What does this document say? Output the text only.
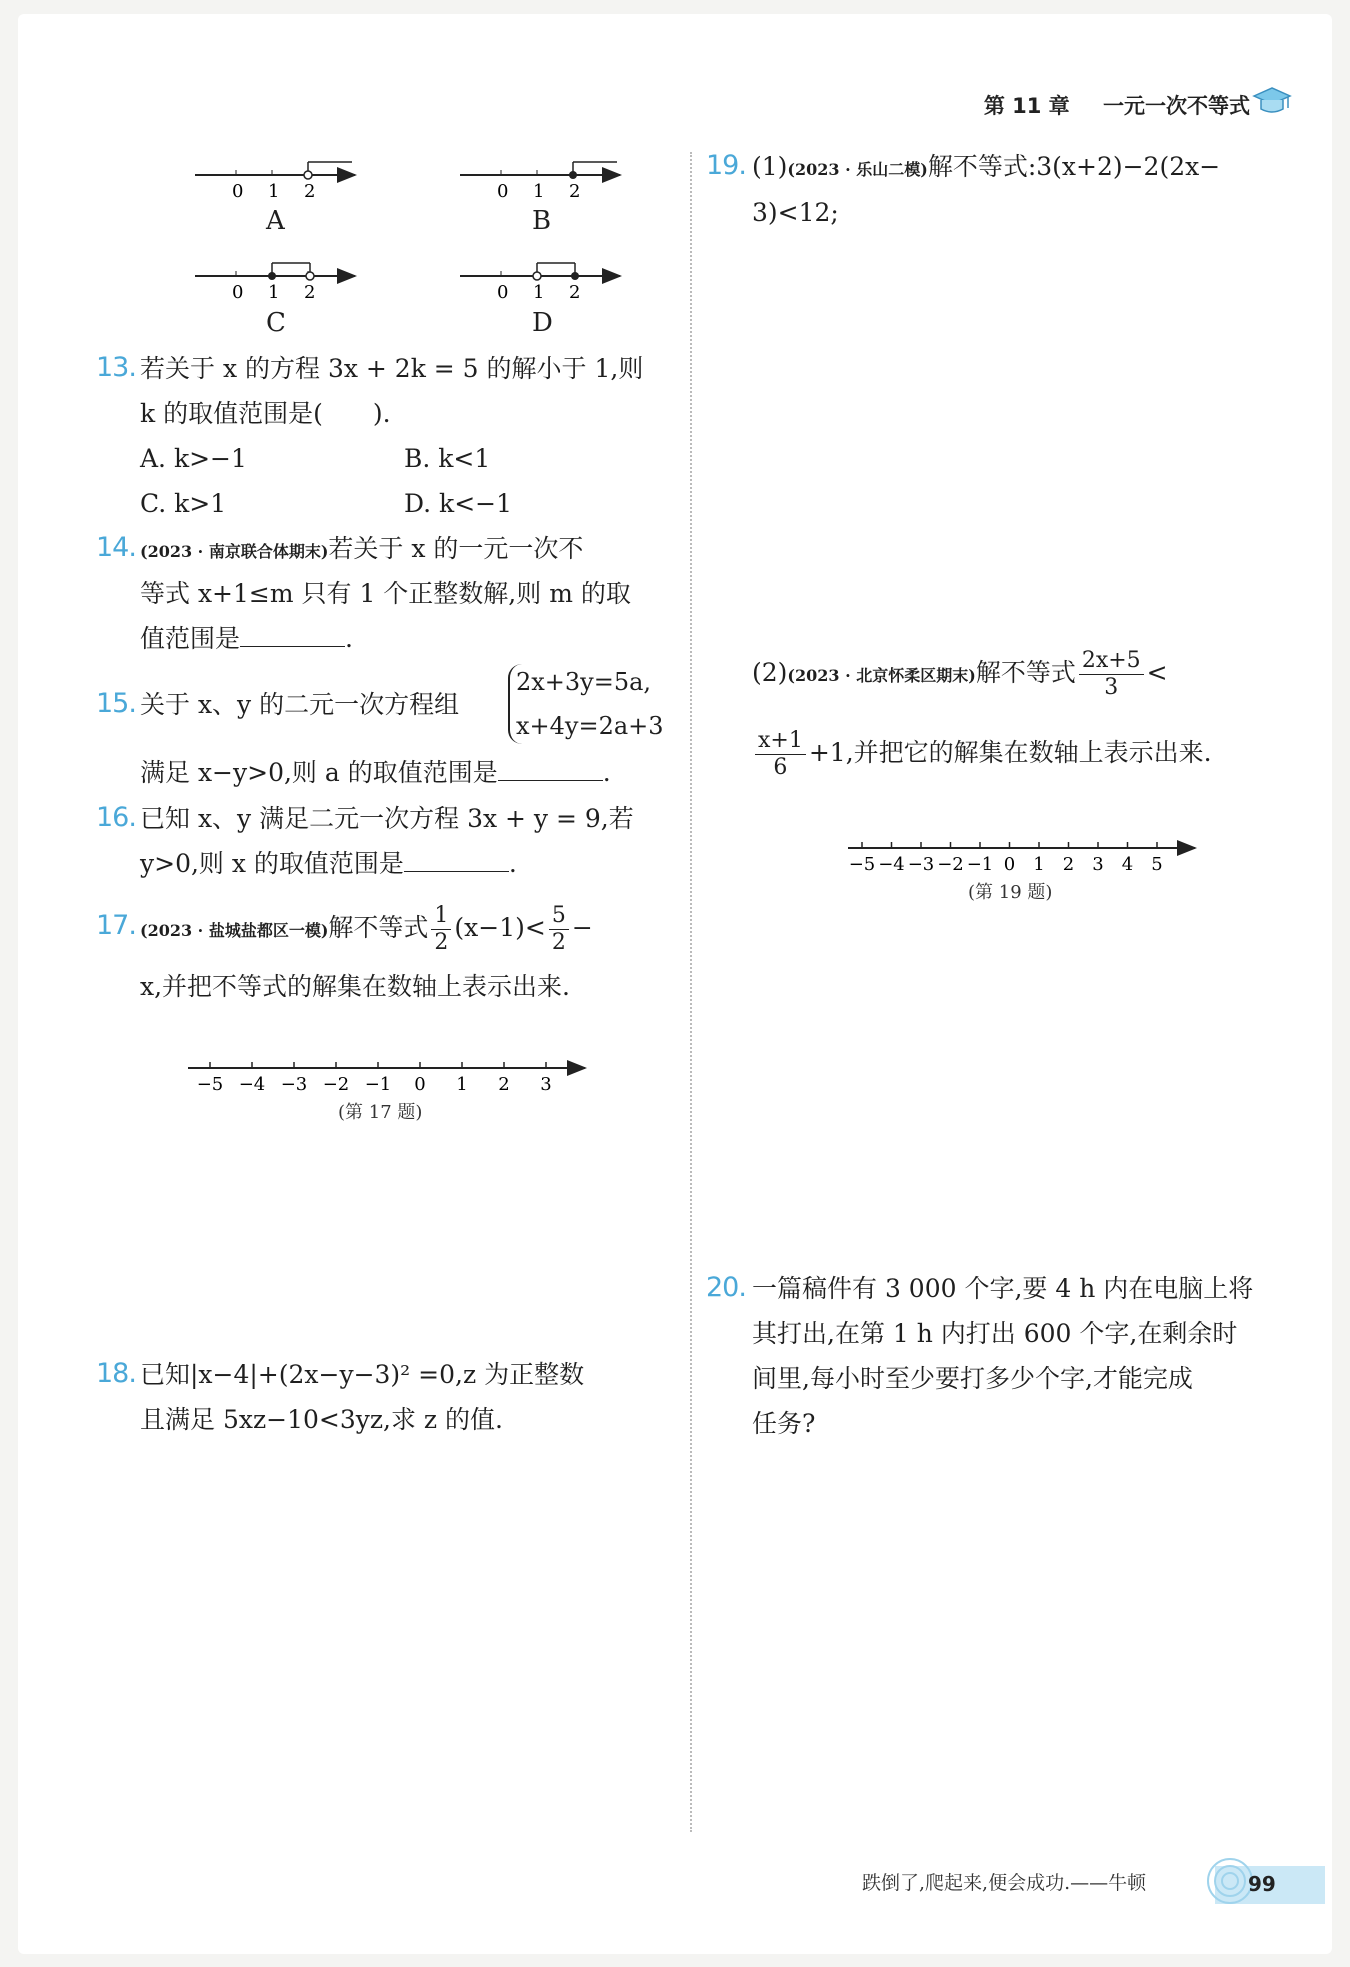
第 11 章 一元一次不等式
0 1 2	0 1 2
0 1 2	0 1 2
A	B
C	D
13. 若关于 x 的方程 3x + 2k = 5 的解小于 1,则
k 的取值范围是(　　).
A. k>−1	B. k<1
C. k>1	D. k<−1
14. (2023 · 南京联合体期末)若关于 x 的一元一次不
等式 x+1≤m 只有 1 个正整数解,则 m 的取
值范围是	.
15. 关于 x、y 的二元一次方程组
2x+3y=5a,
x+4y=2a+3
满足 x−y>0,则 a 的取值范围是	.
16. 已知 x、y 满足二元一次方程 3x + y = 9,若
y>0,则 x 的取值范围是	.
17. (2023 · 盐城盐都区一模)解不等式 $\frac{1}{2} (x-1)< \frac{5}{2}$ −
x,并把不等式的解集在数轴上表示出来.
−5 −4 −3 −2 −1 0 1 2 3
(第 17 题)
18. 已知|x−4|+(2x−y−3)² =0,z 为正整数
且满足 5xz−10<3yz,求 z 的值.
19. (1)(2023 · 乐山二模)解不等式:3(x+2)−2(2x−
3)<12;
(2)(2023 · 北京怀柔区期末)解不等式 $\frac{2x+5}{3}$ <
$\frac{x+1}{6} +1$,并把它的解集在数轴上表示出来.
−5 −4 −3 −2 −1 0 1 2 3 4 5
(第 19 题)
20. 一篇稿件有 3 000 个字,要 4 h 内在电脑上将
其打出,在第 1 h 内打出 600 个字,在剩余时
间里,每小时至少要打多少个字,才能完成
任务?
跌倒了,爬起来,便会成功.——牛顿	99
